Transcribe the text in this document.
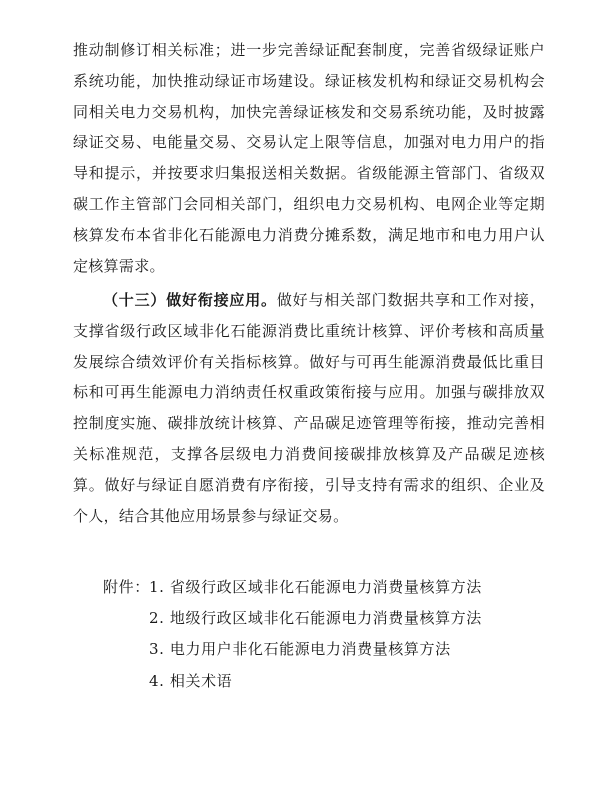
推动制修订相关标准；进一步完善绿证配套制度，完善省级绿证账户系统功能，加快推动绿证市场建设。绿证核发机构和绿证交易机构会同相关电力交易机构，加快完善绿证核发和交易系统功能，及时披露绿证交易、电能量交易、交易认定上限等信息，加强对电力用户的指导和提示，并按要求归集报送相关数据。省级能源主管部门、省级双碳工作主管部门会同相关部门，组织电力交易机构、电网企业等定期核算发布本省非化石能源电力消费分摊系数，满足地市和电力用户认定核算需求。

（十三）做好衔接应用。做好与相关部门数据共享和工作对接，支撑省级行政区域非化石能源消费比重统计核算、评价考核和高质量发展综合绩效评价有关指标核算。做好与可再生能源消费最低比重目标和可再生能源电力消纳责任权重政策衔接与应用。加强与碳排放双控制度实施、碳排放统计核算、产品碳足迹管理等衔接，推动完善相关标准规范，支撑各层级电力消费间接碳排放核算及产品碳足迹核算。做好与绿证自愿消费有序衔接，引导支持有需求的组织、企业及个人，结合其他应用场景参与绿证交易。

附件： 1. 省级行政区域非化石能源电力消费量核算方法

2. 地级行政区域非化石能源电力消费量核算方法

3. 电力用户非化石能源电力消费量核算方法

4. 相关术语
